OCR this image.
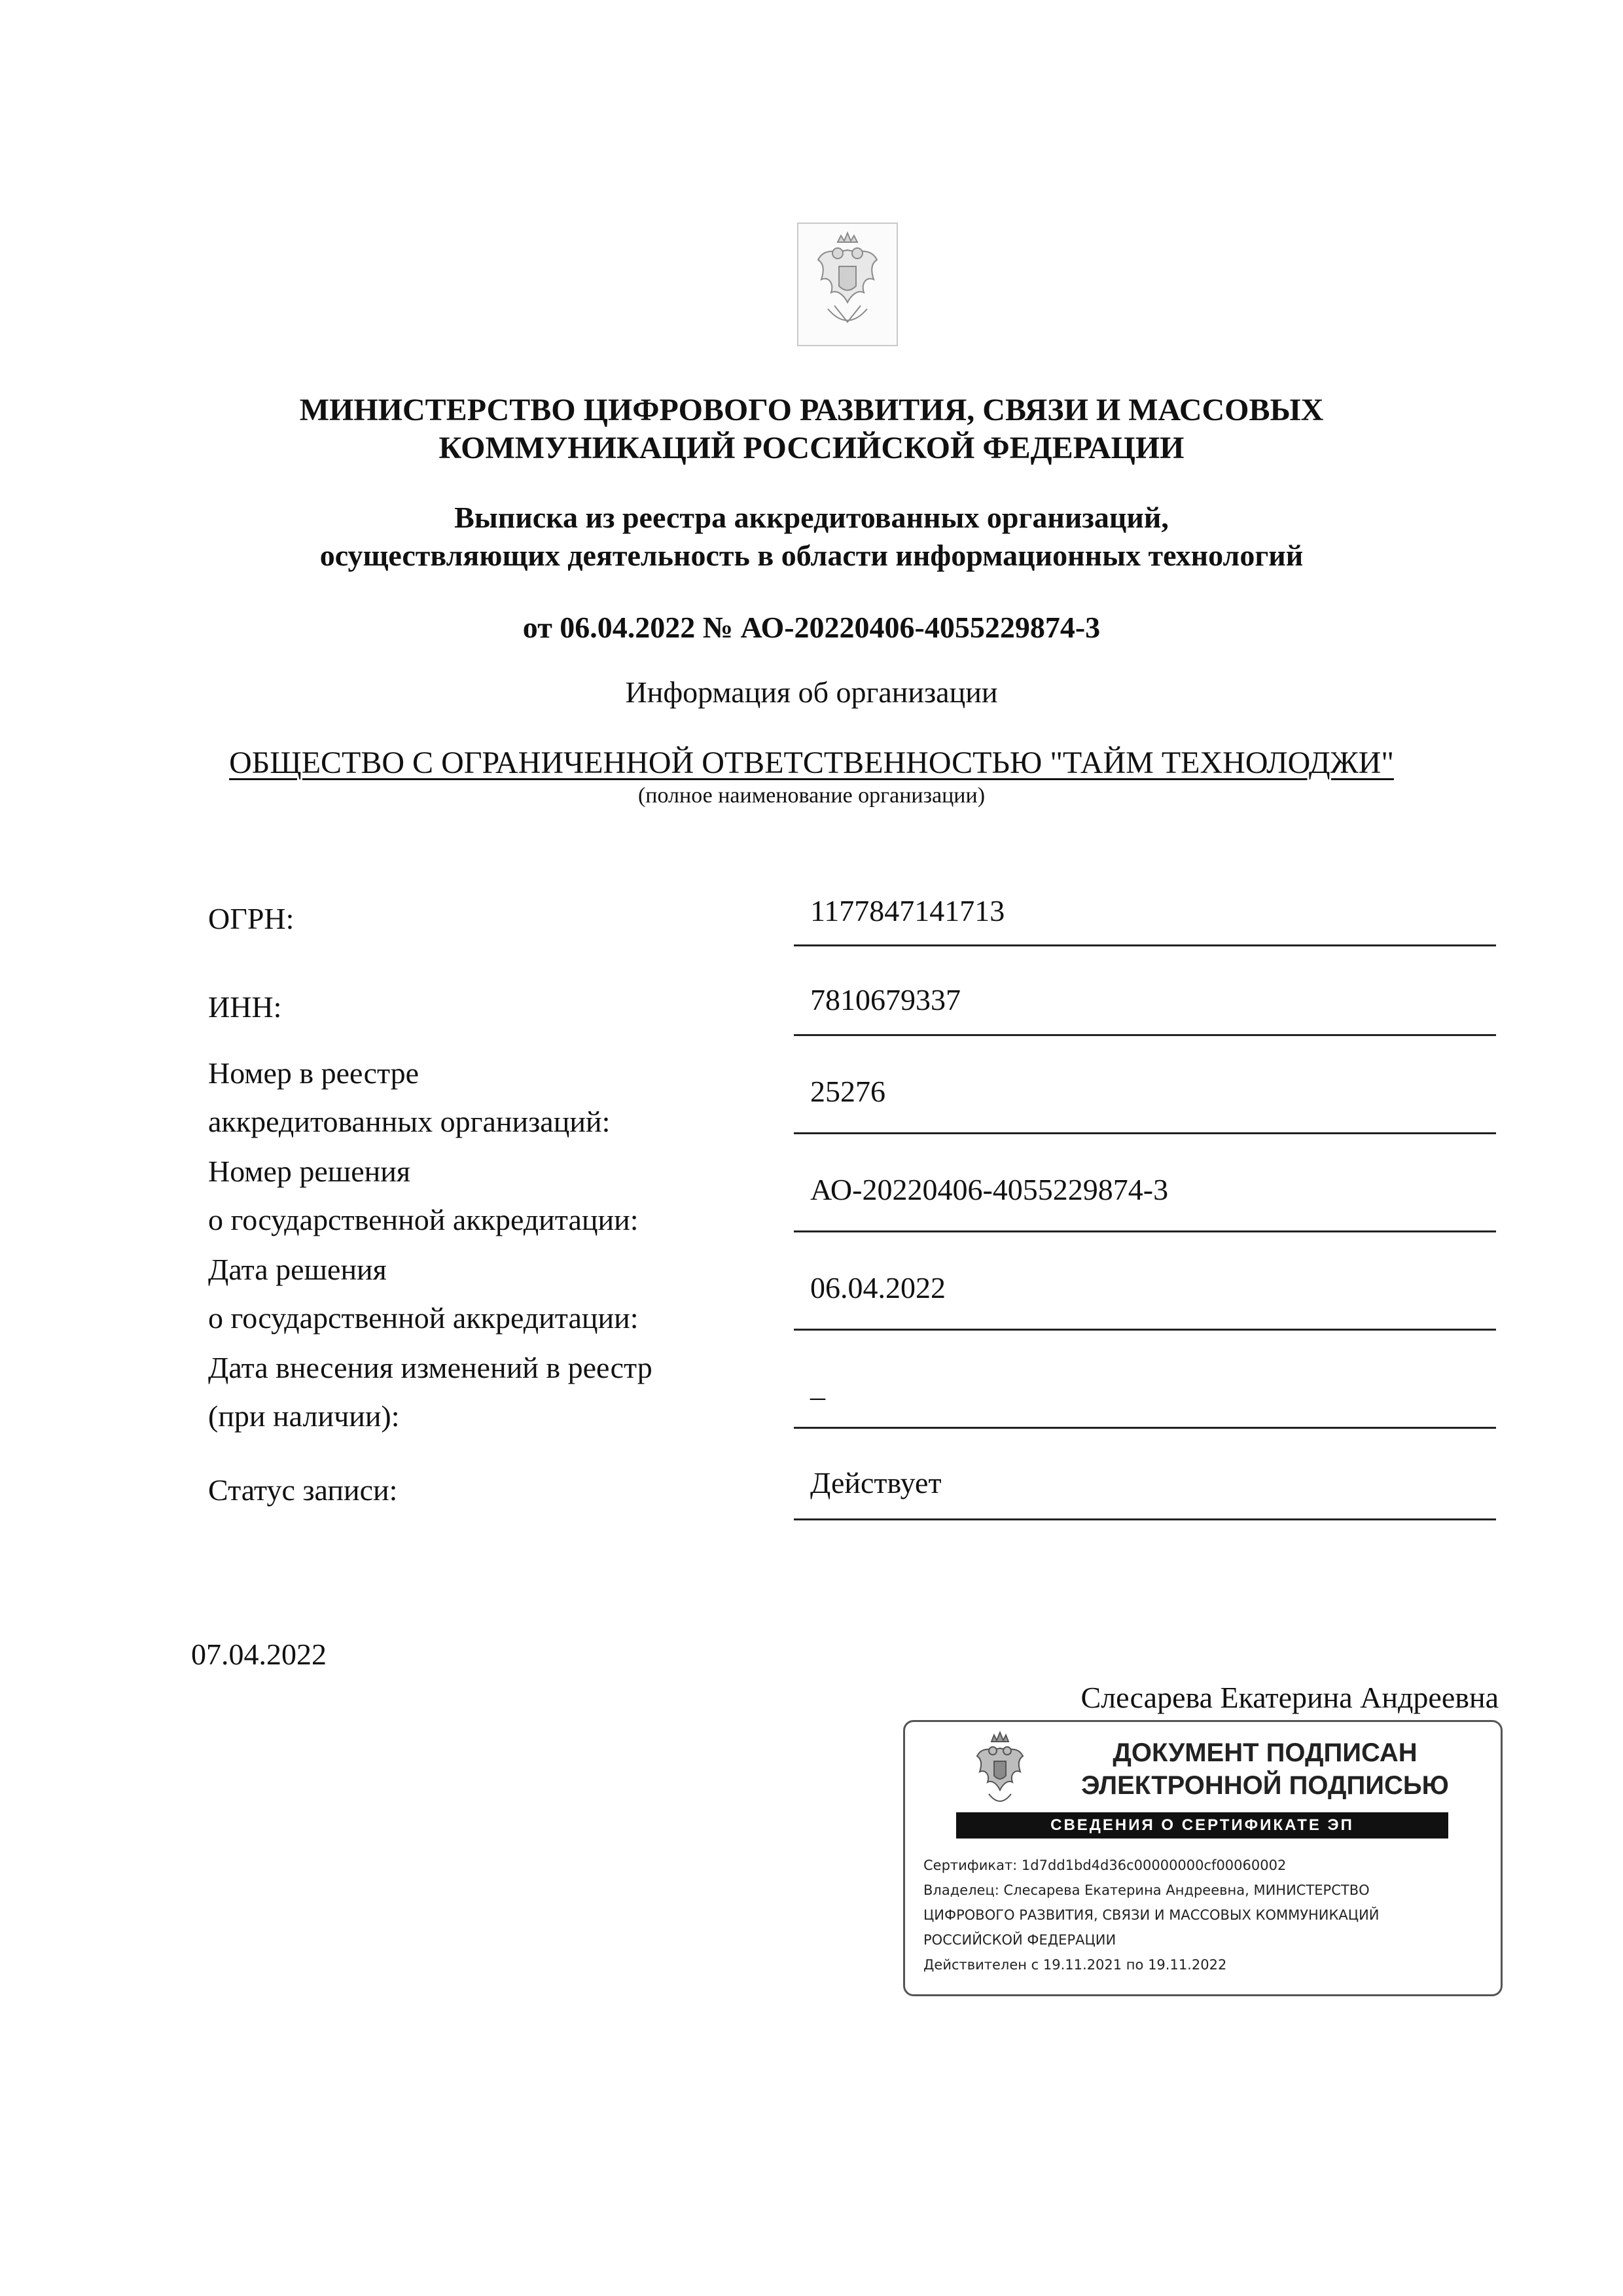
МИНИСТЕРСТВО ЦИФРОВОГО РАЗВИТИЯ, СВЯЗИ И МАССОВЫХ
КОММУНИКАЦИЙ РОССИЙСКОЙ ФЕДЕРАЦИИ
Выписка из реестра аккредитованных организаций,
осуществляющих деятельность в области информационных технологий
от 06.04.2022 № АО-20220406-4055229874-3
Информация об организации
ОБЩЕСТВО С ОГРАНИЧЕННОЙ ОТВЕТСТВЕННОСТЬЮ "ТАЙМ ТЕХНОЛОДЖИ"
(полное наименование организации)
ОГРН:	1177847141713
ИНН:	7810679337
Номер в реестре
аккредитованных организаций:
25276
Номер решения
о государственной аккредитации:
АО-20220406-4055229874-3
Дата решения
о государственной аккредитации:
06.04.2022
Дата внесения изменений в реестр
(при наличии):
_
Статус записи:	Действует
07.04.2022
Слесарева Екатерина Андреевна
ДОКУМЕНТ ПОДПИСАН
ЭЛЕКТРОННОЙ ПОДПИСЬЮ
СВЕДЕНИЯ О СЕРТИФИКАТЕ ЭП
Сертификат: 1d7dd1bd4d36c00000000cf00060002
Владелец: Слесарева Екатерина Андреевна, МИНИСТЕРСТВО
ЦИФРОВОГО РАЗВИТИЯ, СВЯЗИ И МАССОВЫХ КОММУНИКАЦИЙ
РОССИЙСКОЙ ФЕДЕРАЦИИ
Действителен с 19.11.2021 по 19.11.2022
